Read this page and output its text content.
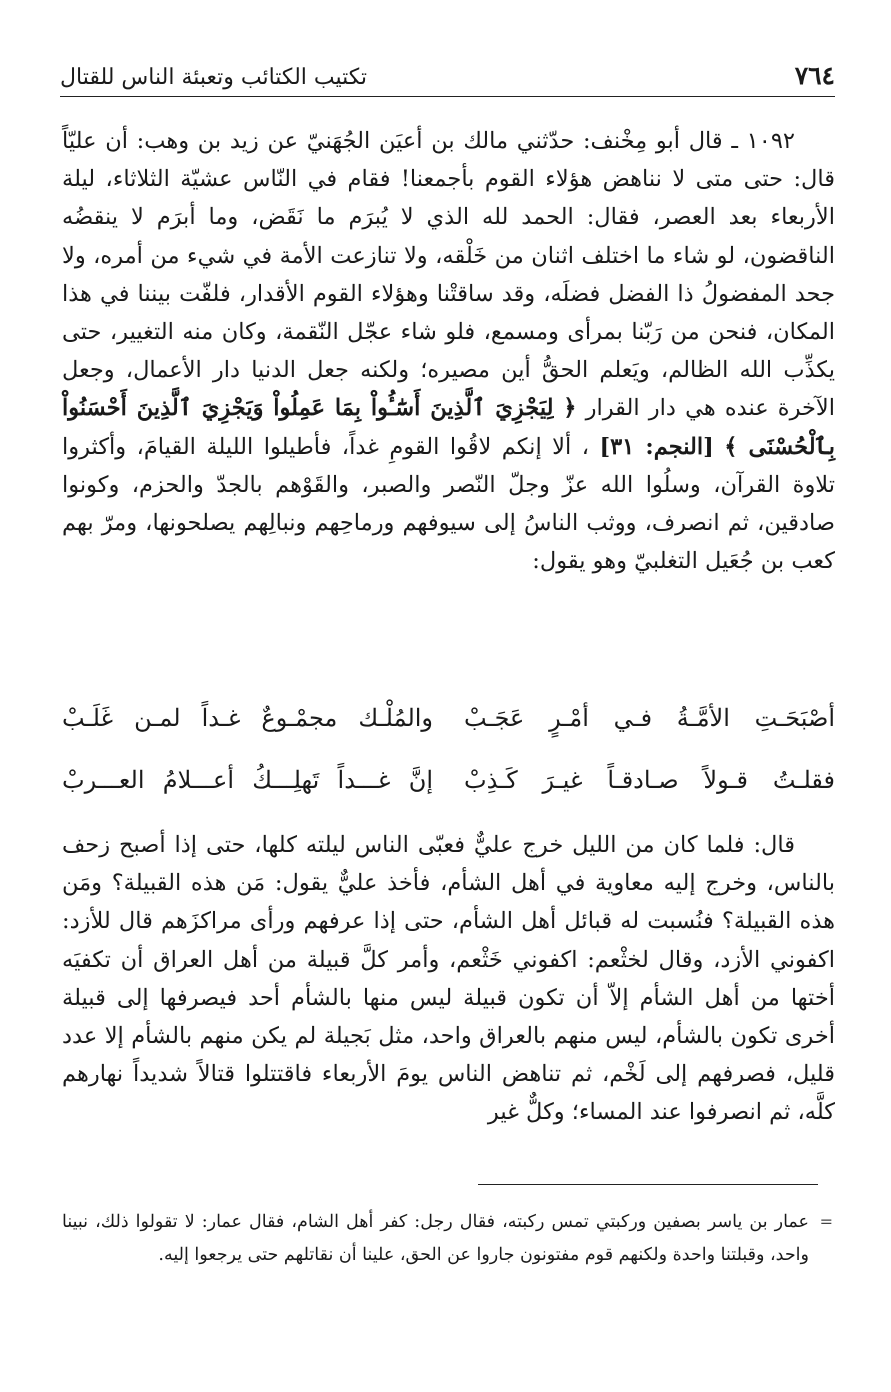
٧٦٤
تكتيب الكتائب وتعبئة الناس للقتال

١٠٩٢ ـ قال أبو مِخْنف: حدّثني مالك بن أعيَن الجُهَنيّ عن زيد بن وهب: أن عليّاً قال: حتى متى لا نناهض هؤلاء القوم بأجمعنا! فقام في النّاس عشيّة الثلاثاء، ليلة الأربعاء بعد العصر، فقال: الحمد لله الذي لا يُبرَم ما نَقَض، وما أبرَم لا ينقضُه الناقضون، لو شاء ما اختلف اثنان من خَلْقه، ولا تنازعت الأمة في شيء من أمره، ولا جحد المفضولُ ذا الفضل فضلَه، وقد ساقتْنا وهؤلاء القوم الأقدار، فلفّت بيننا في هذا المكان، فنحن من رَبّنا بمرأى ومسمع، فلو شاء عجّل النّقمة، وكان منه التغيير، حتى يكذِّب الله الظالم، ويَعلم الحقُّ أين مصيره؛ ولكنه جعل الدنيا دار الأعمال، وجعل الآخرة عنده هي دار القرار ﴿ لِيَجْزِيَ ٱلَّذِينَ أَسَٰٓـُٔواْ بِمَا عَمِلُواْ وَيَجْزِيَ ٱلَّذِينَ أَحْسَنُواْ بِٱلْحُسْنَى ﴾ [النجم: ٣١] ، ألا إنكم لاقُوا القومِ غداً، فأطيلوا الليلة القيامَ، وأكثروا تلاوة القرآن، وسلُوا الله عزّ وجلّ النّصر والصبر، والقَوْهم بالجدّ والحزم، وكونوا صادقين، ثم انصرف، ووثب الناسُ إلى سيوفهم ورماحِهم ونبالِهم يصلحونها، ومرّ بهم كعب بن جُعَيل التغلبيّ وهو يقول:

أصْبَحَـتِ الأمَّـةُ فـي أمْـرٍ عَجَـبْ
والمُلْـك مجمْـوعٌ غـداً لمـن غَلَـبْ
فقلـتُ قـولاً صـادقـاً غيـرَ كَـذِبْ
إنَّ غـــداً تَهلِـــكُ أعـــلامُ العـــربْ

قال: فلما كان من الليل خرج عليٌّ فعبّى الناس ليلته كلها، حتى إذا أصبح زحف بالناس، وخرج إليه معاوية في أهل الشأم، فأخذ عليٌّ يقول: مَن هذه القبيلة؟ ومَن هذه القبيلة؟ فنُسبت له قبائل أهل الشأم، حتى إذا عرفهم ورأى مراكزَهم قال للأزد: اكفوني الأزد، وقال لخثْعم: اكفوني خَثْعم، وأمر كلَّ قبيلة من أهل العراق أن تكفيَه أختها من أهل الشأم إلاّ أن تكون قبيلة ليس منها بالشأم أحد فيصرفها إلى قبيلة أخرى تكون بالشأم، ليس منهم بالعراق واحد، مثل بَجيلة لم يكن منهم بالشأم إلا عدد قليل، فصرفهم إلى لَخْم، ثم تناهض الناس يومَ الأربعاء فاقتتلوا قتالاً شديداً نهارهم كلَّه، ثم انصرفوا عند المساء؛ وكلٌّ غير

=
عمار بن ياسر بصفين وركبتي تمس ركبته، فقال رجل: كفر أهل الشام، فقال عمار: لا تقولوا ذلك، نبينا واحد، وقبلتنا واحدة ولكنهم قوم مفتونون جاروا عن الحق، علينا أن نقاتلهم حتى يرجعوا إليه.
